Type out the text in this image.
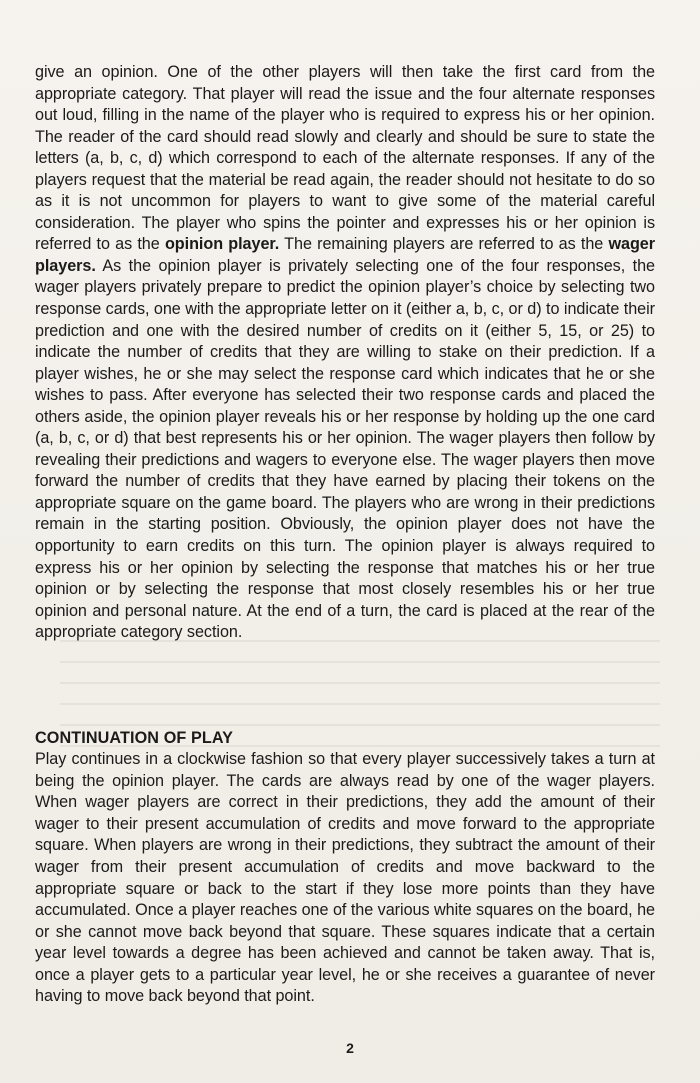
give an opinion. One of the other players will then take the first card from the appropriate category. That player will read the issue and the four alternate responses out loud, filling in the name of the player who is required to express his or her opinion. The reader of the card should read slowly and clearly and should be sure to state the letters (a, b, c, d) which correspond to each of the alternate responses. If any of the players request that the material be read again, the reader should not hesitate to do so as it is not uncommon for players to want to give some of the material careful consideration. The player who spins the pointer and expresses his or her opinion is referred to as the opinion player. The remaining players are referred to as the wager players. As the opinion player is privately selecting one of the four responses, the wager players privately prepare to predict the opinion player’s choice by selecting two response cards, one with the appropriate letter on it (either a, b, c, or d) to indicate their prediction and one with the desired number of credits on it (either 5, 15, or 25) to indicate the number of credits that they are willing to stake on their prediction. If a player wishes, he or she may select the response card which indicates that he or she wishes to pass. After everyone has selected their two response cards and placed the others aside, the opinion player reveals his or her response by holding up the one card (a, b, c, or d) that best represents his or her opinion. The wager players then follow by revealing their predictions and wagers to everyone else. The wager players then move forward the number of credits that they have earned by placing their tokens on the appropriate square on the game board. The players who are wrong in their predictions remain in the starting position. Obviously, the opinion player does not have the opportunity to earn credits on this turn. The opinion player is always required to express his or her opinion by selecting the response that matches his or her true opinion or by selecting the response that most closely resembles his or her true opinion and personal nature. At the end of a turn, the card is placed at the rear of the appropriate category section.

CONTINUATION OF PLAY

Play continues in a clockwise fashion so that every player successively takes a turn at being the opinion player. The cards are always read by one of the wager players. When wager players are correct in their predictions, they add the amount of their wager to their present accumulation of credits and move forward to the appropriate square. When players are wrong in their predictions, they subtract the amount of their wager from their present accumulation of credits and move backward to the appropriate square or back to the start if they lose more points than they have accumulated. Once a player reaches one of the various white squares on the board, he or she cannot move back beyond that square. These squares indicate that a certain year level towards a degree has been achieved and cannot be taken away. That is, once a player gets to a particular year level, he or she receives a guarantee of never having to move back beyond that point.

2
